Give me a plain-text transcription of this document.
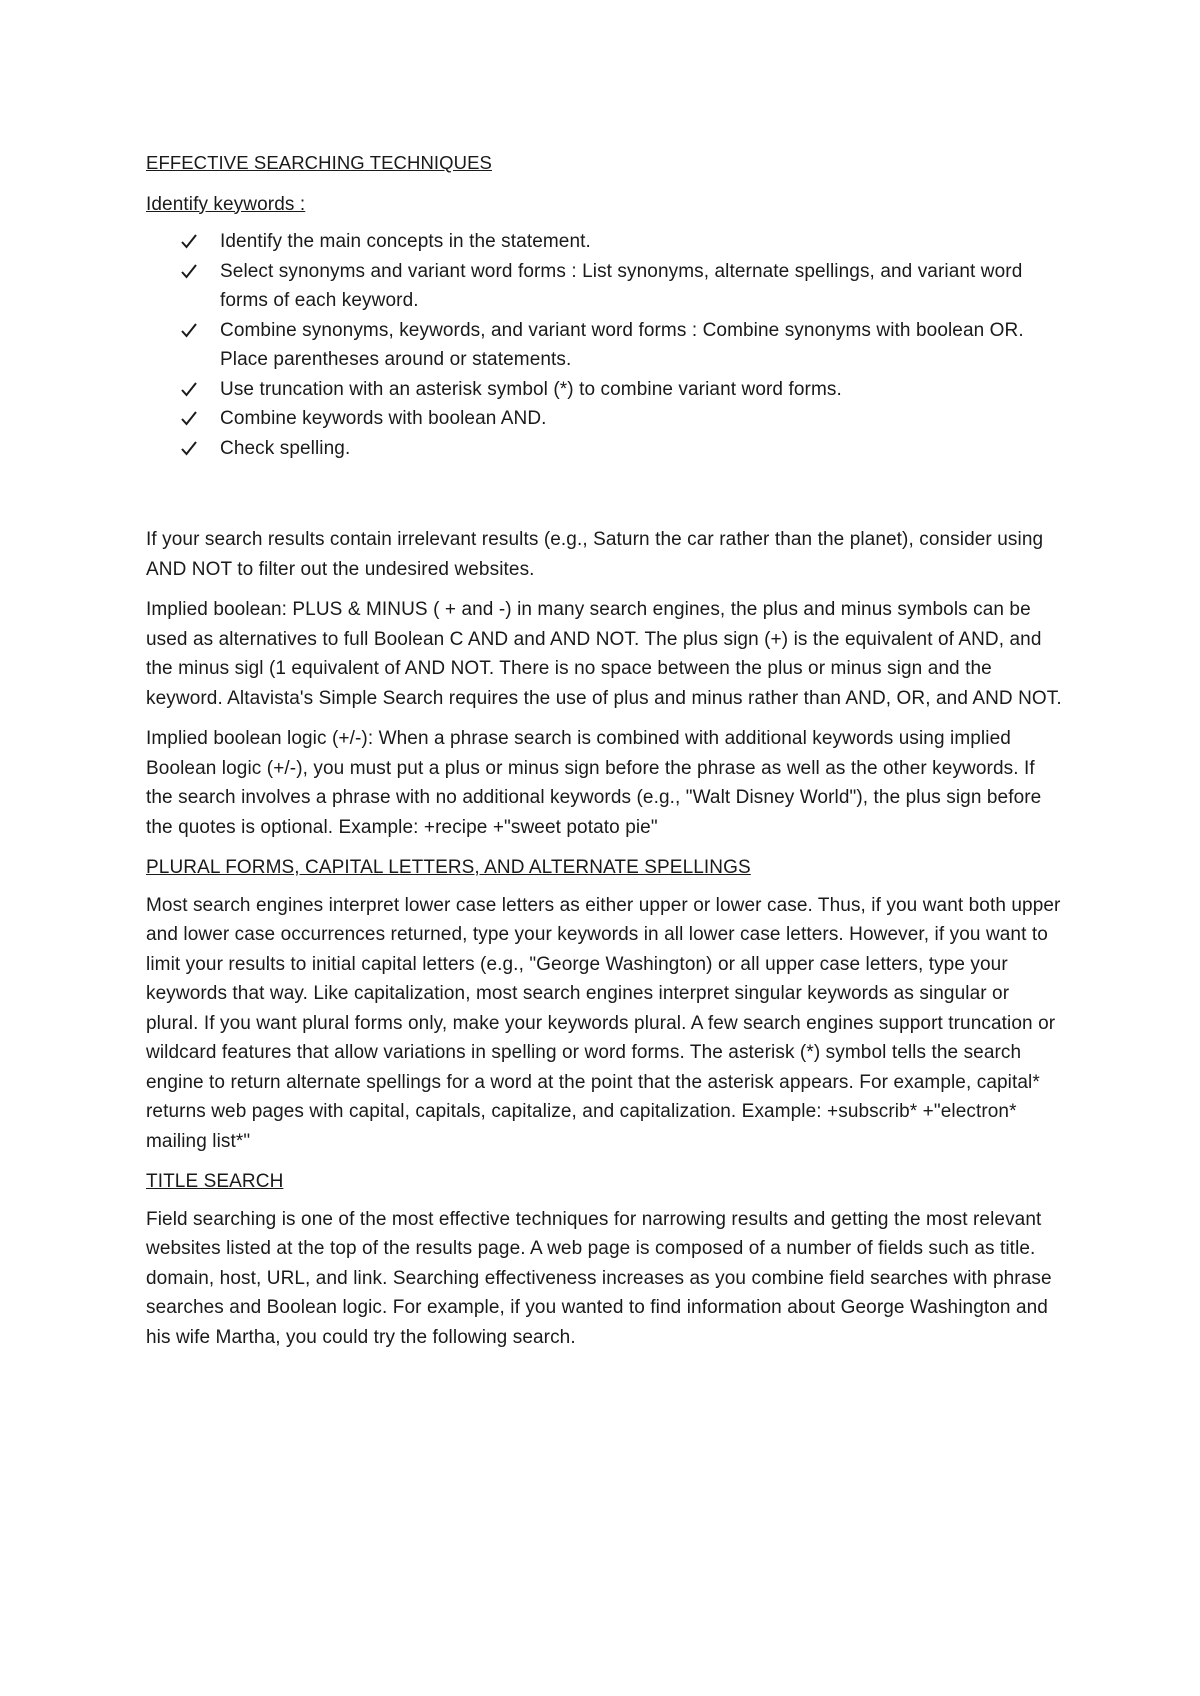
EFFECTIVE SEARCHING TECHNIQUES
Identify keywords :
Identify the main concepts in the statement.
Select synonyms and variant word forms : List synonyms, alternate spellings, and variant word forms of each keyword.
Combine synonyms, keywords, and variant word forms : Combine synonyms with boolean OR. Place parentheses around or statements.
Use truncation with an asterisk symbol (*) to combine variant word forms.
Combine keywords with boolean AND.
Check spelling.

If your search results contain irrelevant results (e.g., Saturn the car rather than the planet), consider using AND NOT to filter out the undesired websites.

Implied boolean: PLUS & MINUS ( + and -) in many search engines, the plus and minus symbols can be used as alternatives to full Boolean C AND and AND NOT. The plus sign (+) is the equivalent of AND, and the minus sigl (1 equivalent of AND NOT. There is no space between the plus or minus sign and the keyword. Altavista's Simple Search requires the use of plus and minus rather than AND, OR, and AND NOT.

Implied boolean logic (+/-): When a phrase search is combined with additional keywords using implied Boolean logic (+/-), you must put a plus or minus sign before the phrase as well as the other keywords. If the search involves a phrase with no additional keywords (e.g., "Walt Disney World"), the plus sign before the quotes is optional. Example: +recipe +"sweet potato pie"

PLURAL FORMS, CAPITAL LETTERS, AND ALTERNATE SPELLINGS

Most search engines interpret lower case letters as either upper or lower case. Thus, if you want both upper and lower case occurrences returned, type your keywords in all lower case letters. However, if you want to limit your results to initial capital letters (e.g., "George Washington) or all upper case letters, type your keywords that way. Like capitalization, most search engines interpret singular keywords as singular or plural. If you want plural forms only, make your keywords plural. A few search engines support truncation or wildcard features that allow variations in spelling or word forms. The asterisk (*) symbol tells the search engine to return alternate spellings for a word at the point that the asterisk appears. For example, capital* returns web pages with capital, capitals, capitalize, and capitalization. Example: +subscrib* +"electron* mailing list*"

TITLE SEARCH

Field searching is one of the most effective techniques for narrowing results and getting the most relevant websites listed at the top of the results page. A web page is composed of a number of fields such as title. domain, host, URL, and link. Searching effectiveness increases as you combine field searches with phrase searches and Boolean logic. For example, if you wanted to find information about George Washington and his wife Martha, you could try the following search.
